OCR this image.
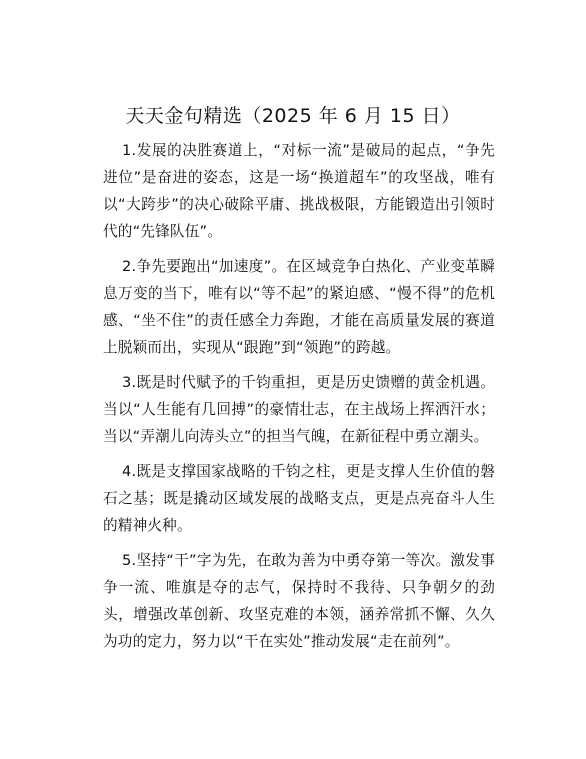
天天金句精选（2025 年 6 月 15 日）

1.发展的决胜赛道上，“对标一流”是破局的起点，“争先进位”是奋进的姿态，这是一场“换道超车”的攻坚战，唯有以“大跨步”的决心破除平庸、挑战极限，方能锻造出引领时代的“先锋队伍”。

2.争先要跑出“加速度”。在区域竞争白热化、产业变革瞬息万变的当下，唯有以“等不起”的紧迫感、“慢不得”的危机感、“坐不住”的责任感全力奔跑，才能在高质量发展的赛道上脱颖而出，实现从“跟跑”到“领跑”的跨越。

3.既是时代赋予的千钧重担，更是历史馈赠的黄金机遇。当以“人生能有几回搏”的豪情壮志，在主战场上挥洒汗水；当以“弄潮儿向涛头立”的担当气魄，在新征程中勇立潮头。

4.既是支撑国家战略的千钧之柱，更是支撑人生价值的磐石之基；既是撬动区域发展的战略支点，更是点亮奋斗人生的精神火种。

5.坚持“干”字为先，在敢为善为中勇夺第一等次。激发事争一流、唯旗是夺的志气，保持时不我待、只争朝夕的劲头，增强改革创新、攻坚克难的本领，涵养常抓不懈、久久为功的定力，努力以“干在实处”推动发展“走在前列”。
